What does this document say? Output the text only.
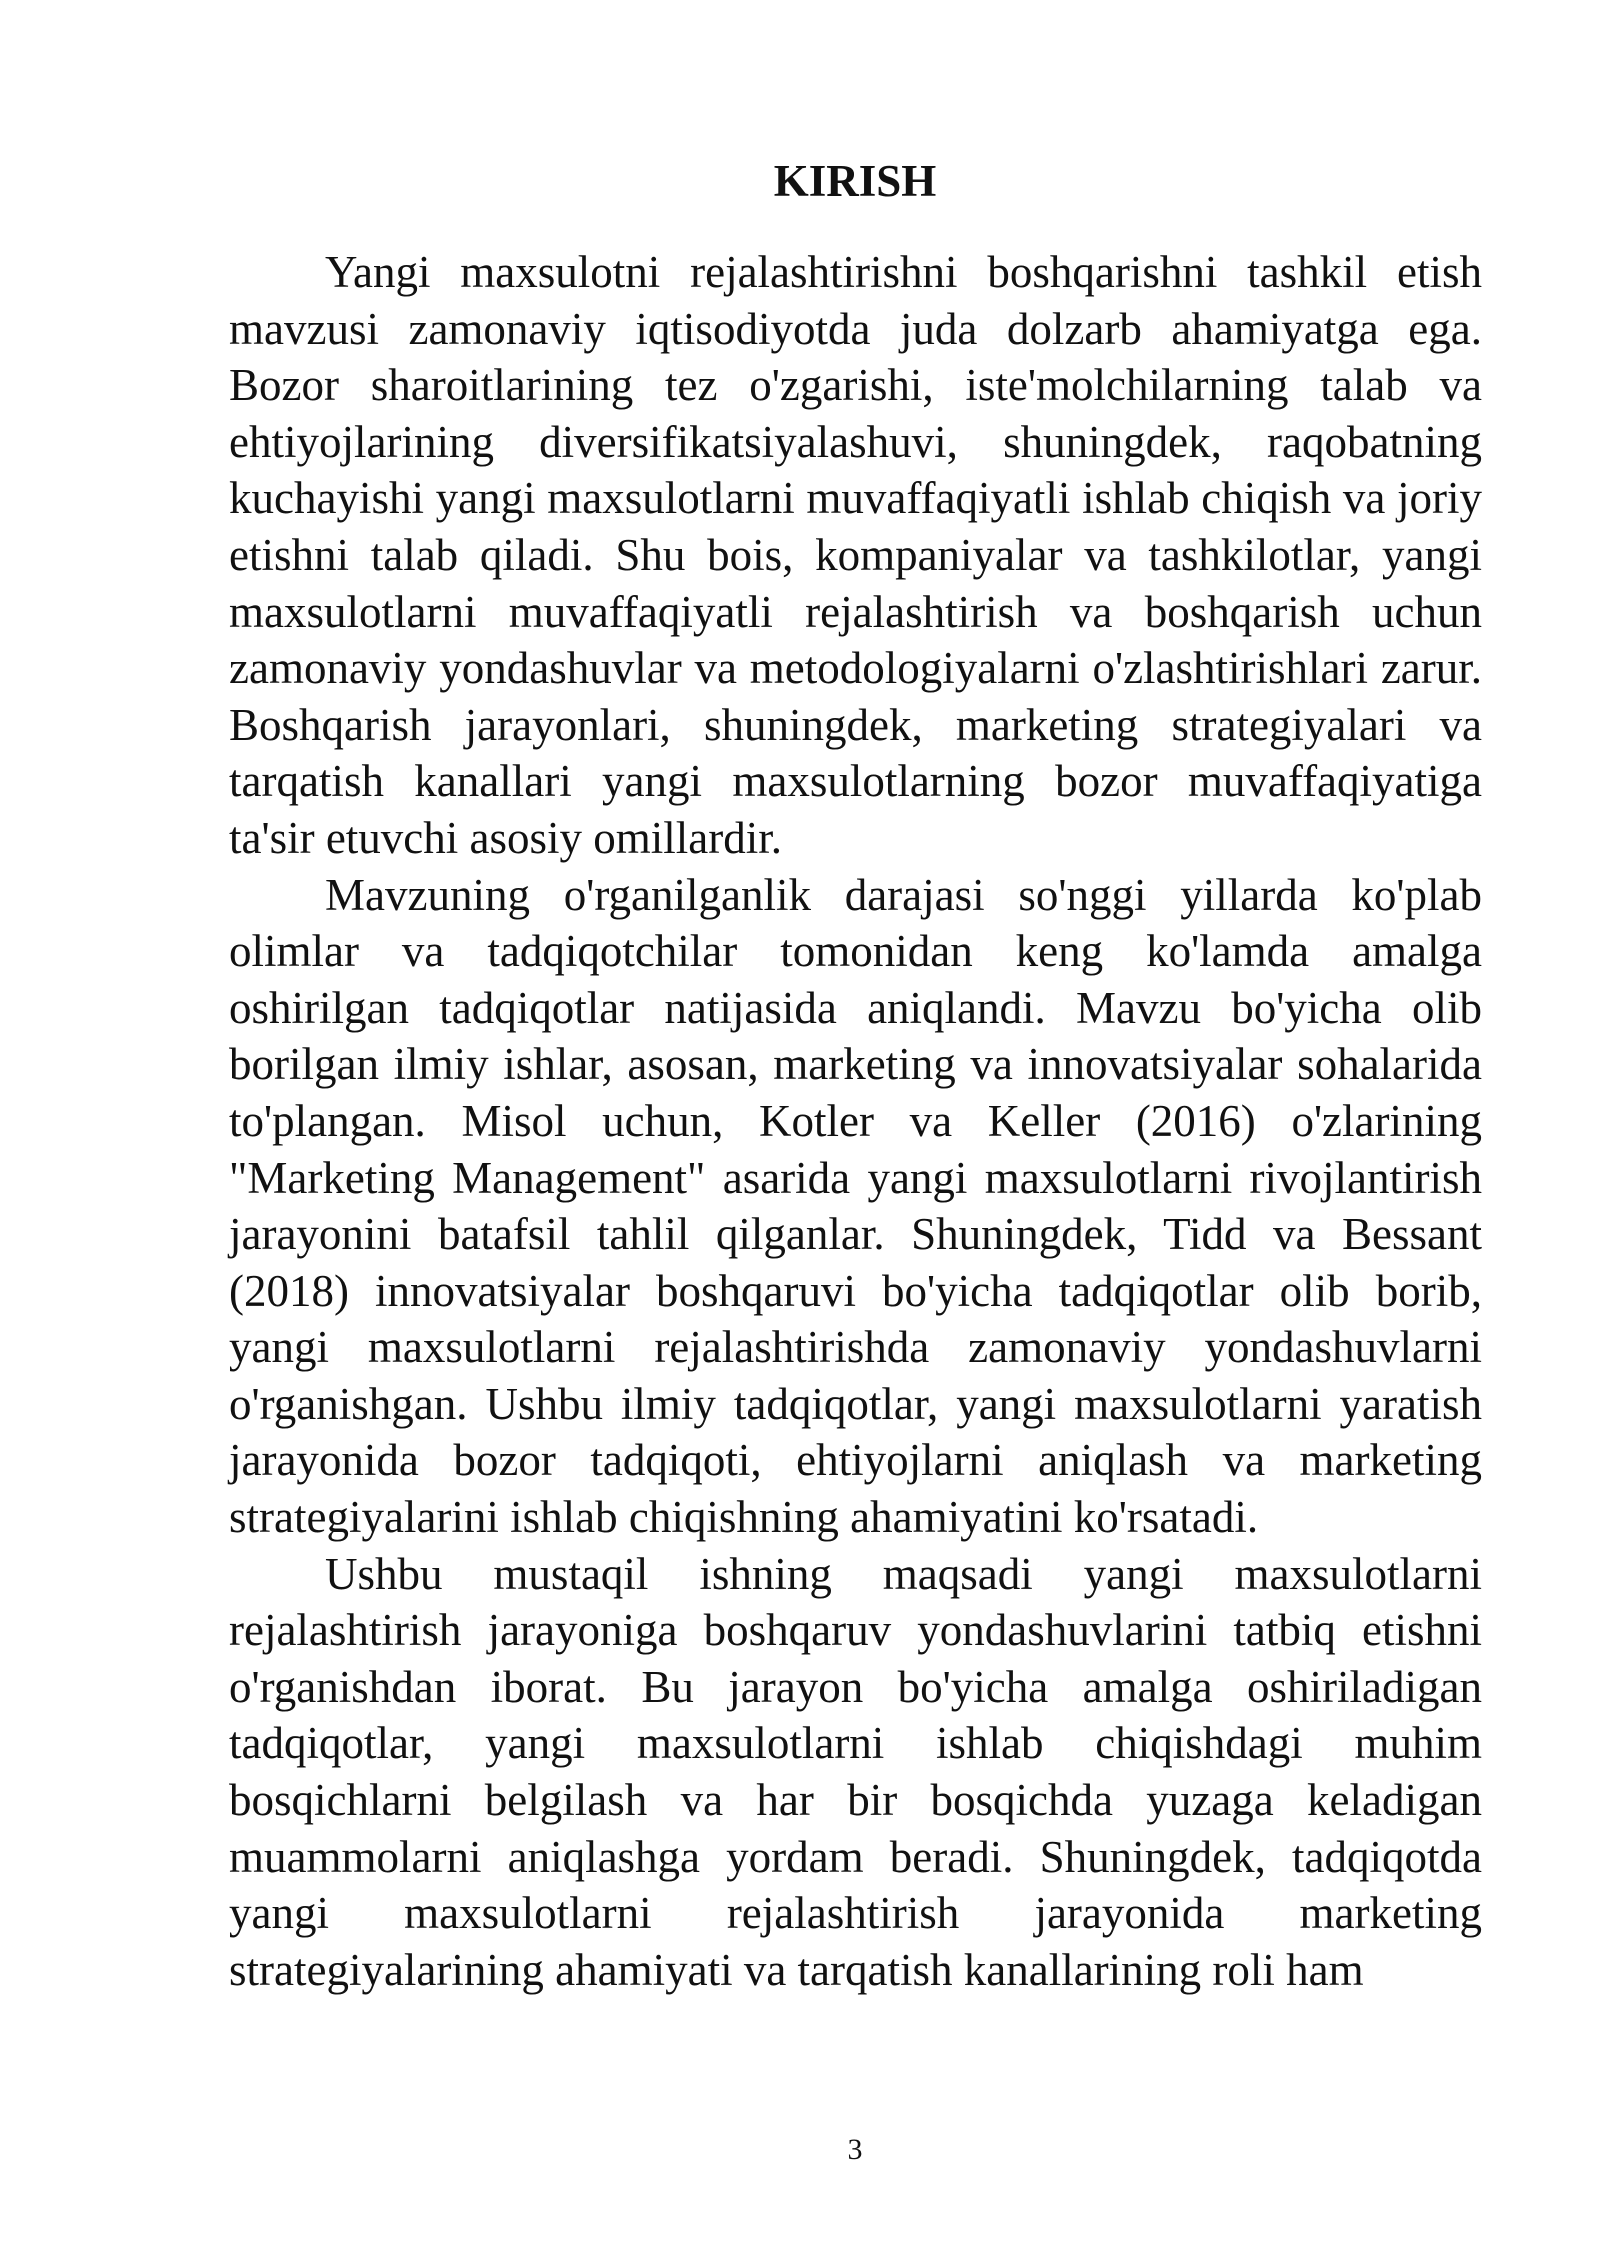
KIRISH

Yangi maxsulotni rejalashtirishni boshqarishni tashkil etish mavzusi zamonaviy iqtisodiyotda juda dolzarb ahamiyatga ega. Bozor sharoitlarining tez o'zgarishi, iste'molchilarning talab va ehtiyojlarining diversifikatsiyalashuvi, shuningdek, raqobatning kuchayishi yangi maxsulotlarni muvaffaqiyatli ishlab chiqish va joriy etishni talab qiladi. Shu bois, kompaniyalar va tashkilotlar, yangi maxsulotlarni muvaffaqiyatli rejalashtirish va boshqarish uchun zamonaviy yondashuvlar va metodologiyalarni o'zlashtirishlari zarur. Boshqarish jarayonlari, shuningdek, marketing strategiyalari va tarqatish kanallari yangi maxsulotlarning bozor muvaffaqiyatiga ta'sir etuvchi asosiy omillardir.

Mavzuning o'rganilganlik darajasi so'nggi yillarda ko'plab olimlar va tadqiqotchilar tomonidan keng ko'lamda amalga oshirilgan tadqiqotlar natijasida aniqlandi. Mavzu bo'yicha olib borilgan ilmiy ishlar, asosan, marketing va innovatsiyalar sohalarida to'plangan. Misol uchun, Kotler va Keller (2016) o'zlarining "Marketing Management" asarida yangi maxsulotlarni rivojlantirish jarayonini batafsil tahlil qilganlar. Shuningdek, Tidd va Bessant (2018) innovatsiyalar boshqaruvi bo'yicha tadqiqotlar olib borib, yangi maxsulotlarni rejalashtirishda zamonaviy yondashuvlarni o'rganishgan. Ushbu ilmiy tadqiqotlar, yangi maxsulotlarni yaratish jarayonida bozor tadqiqoti, ehtiyojlarni aniqlash va marketing strategiyalarini ishlab chiqishning ahamiyatini ko'rsatadi.

Ushbu mustaqil ishning maqsadi yangi maxsulotlarni rejalashtirish jarayoniga boshqaruv yondashuvlarini tatbiq etishni o'rganishdan iborat. Bu jarayon bo'yicha amalga oshiriladigan tadqiqotlar, yangi maxsulotlarni ishlab chiqishdagi muhim bosqichlarni belgilash va har bir bosqichda yuzaga keladigan muammolarni aniqlashga yordam beradi. Shuningdek, tadqiqotda yangi maxsulotlarni rejalashtirish jarayonida marketing strategiyalarining ahamiyati va tarqatish kanallarining roli ham

3
